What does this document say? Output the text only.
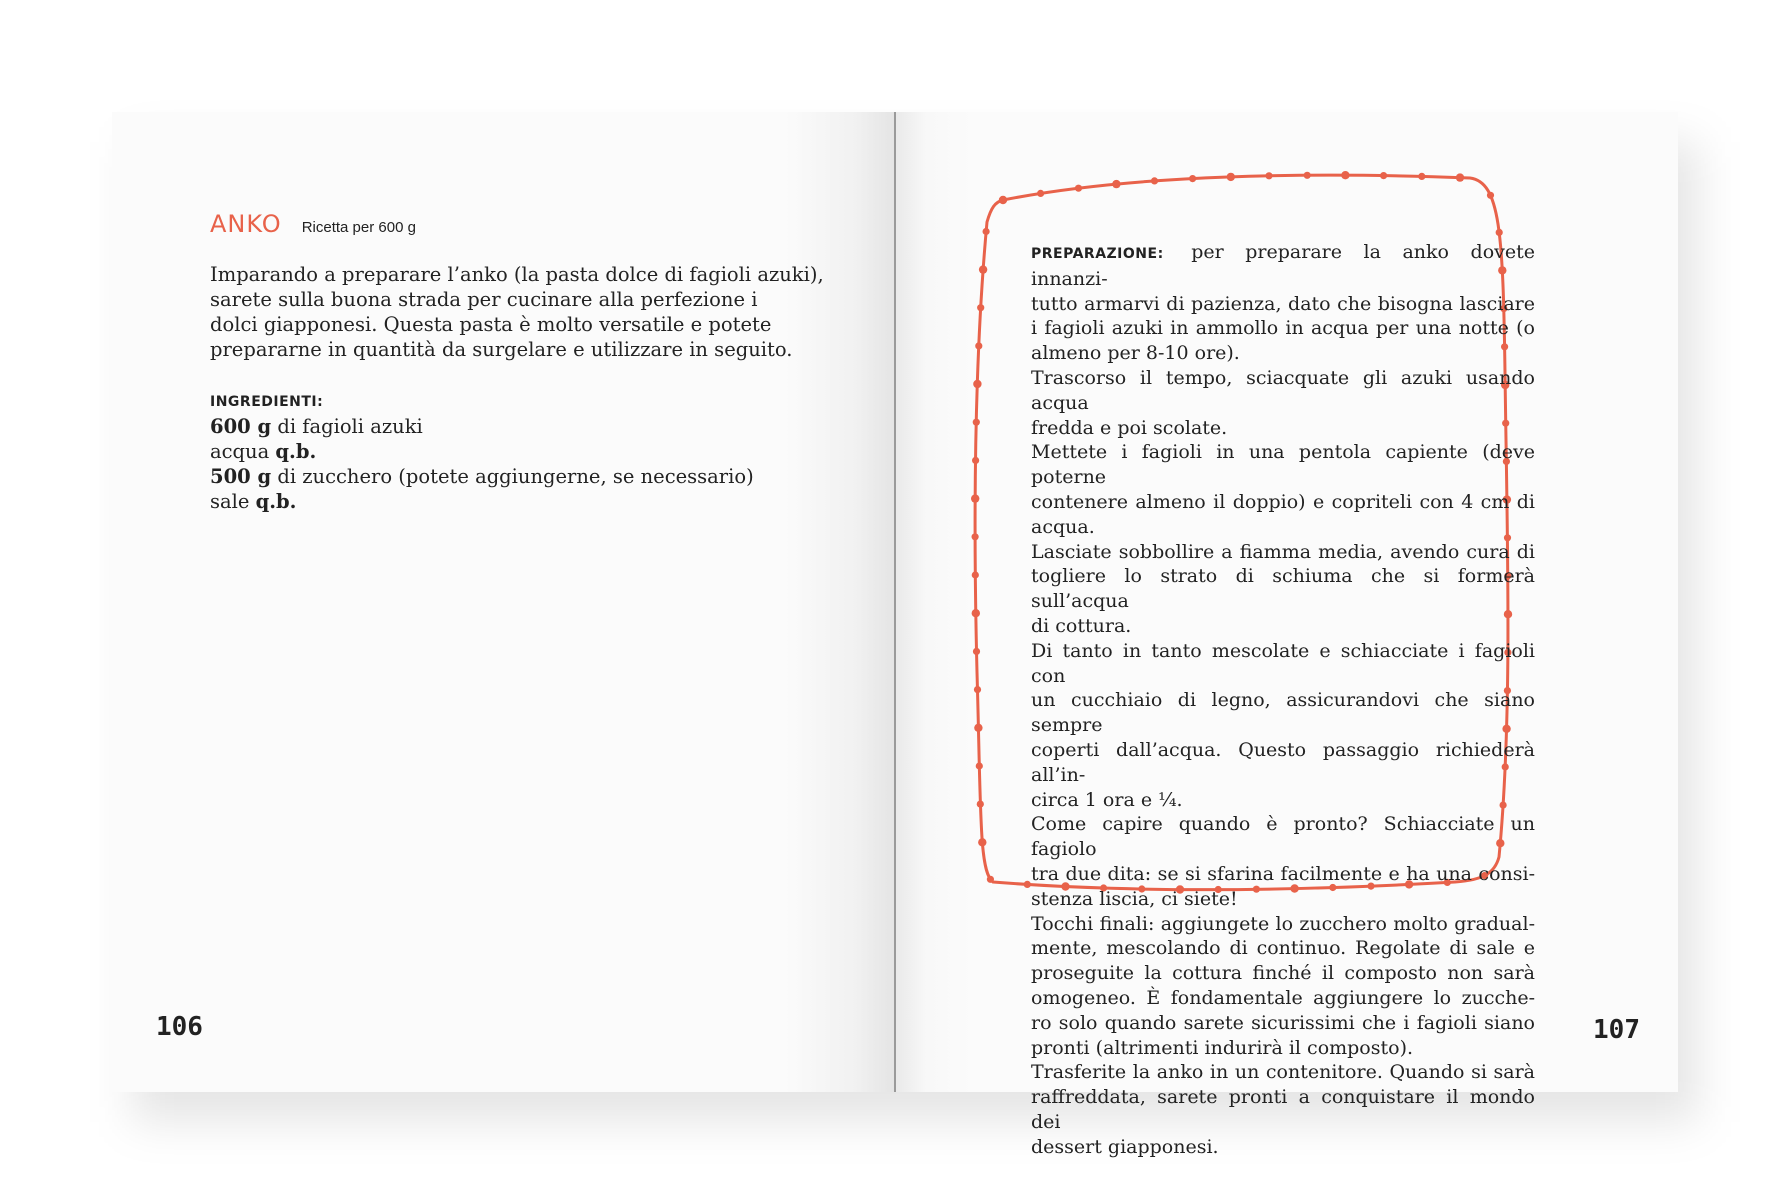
ANKO Ricetta per 600 g

Imparando a preparare l’anko (la pasta dolce di fagioli azuki),
sarete sulla buona strada per cucinare alla perfezione i
dolci giapponesi. Questa pasta è molto versatile e potete
prepararne in quantità da surgelare e utilizzare in seguito.

INGREDIENTI:
600 g di fagioli azuki
acqua q.b.
500 g di zucchero (potete aggiungerne, se necessario)
sale q.b.
106

PREPARAZIONE: per preparare la anko dovete innanzi-
tutto armarvi di pazienza, dato che bisogna lasciare
i fagioli azuki in ammollo in acqua per una notte (o
almeno per 8-10 ore).
Trascorso il tempo, sciacquate gli azuki usando acqua
fredda e poi scolate.
Mettete i fagioli in una pentola capiente (deve poterne
contenere almeno il doppio) e copriteli con 4 cm di
acqua.
Lasciate sobbollire a fiamma media, avendo cura di
togliere lo strato di schiuma che si formerà sull’acqua
di cottura.
Di tanto in tanto mescolate e schiacciate i fagioli con
un cucchiaio di legno, assicurandovi che siano sempre
coperti dall’acqua. Questo passaggio richiederà all’in-
circa 1 ora e ¼.
Come capire quando è pronto? Schiacciate un fagiolo
tra due dita: se si sfarina facilmente e ha una consi-
stenza liscia, ci siete!
Tocchi finali: aggiungete lo zucchero molto gradual-
mente, mescolando di continuo. Regolate di sale e
proseguite la cottura finché il composto non sarà
omogeneo. È fondamentale aggiungere lo zucche-
ro solo quando sarete sicurissimi che i fagioli siano
pronti (altrimenti indurirà il composto).
Trasferite la anko in un contenitore. Quando si sarà
raffreddata, sarete pronti a conquistare il mondo dei
dessert giapponesi.

107
